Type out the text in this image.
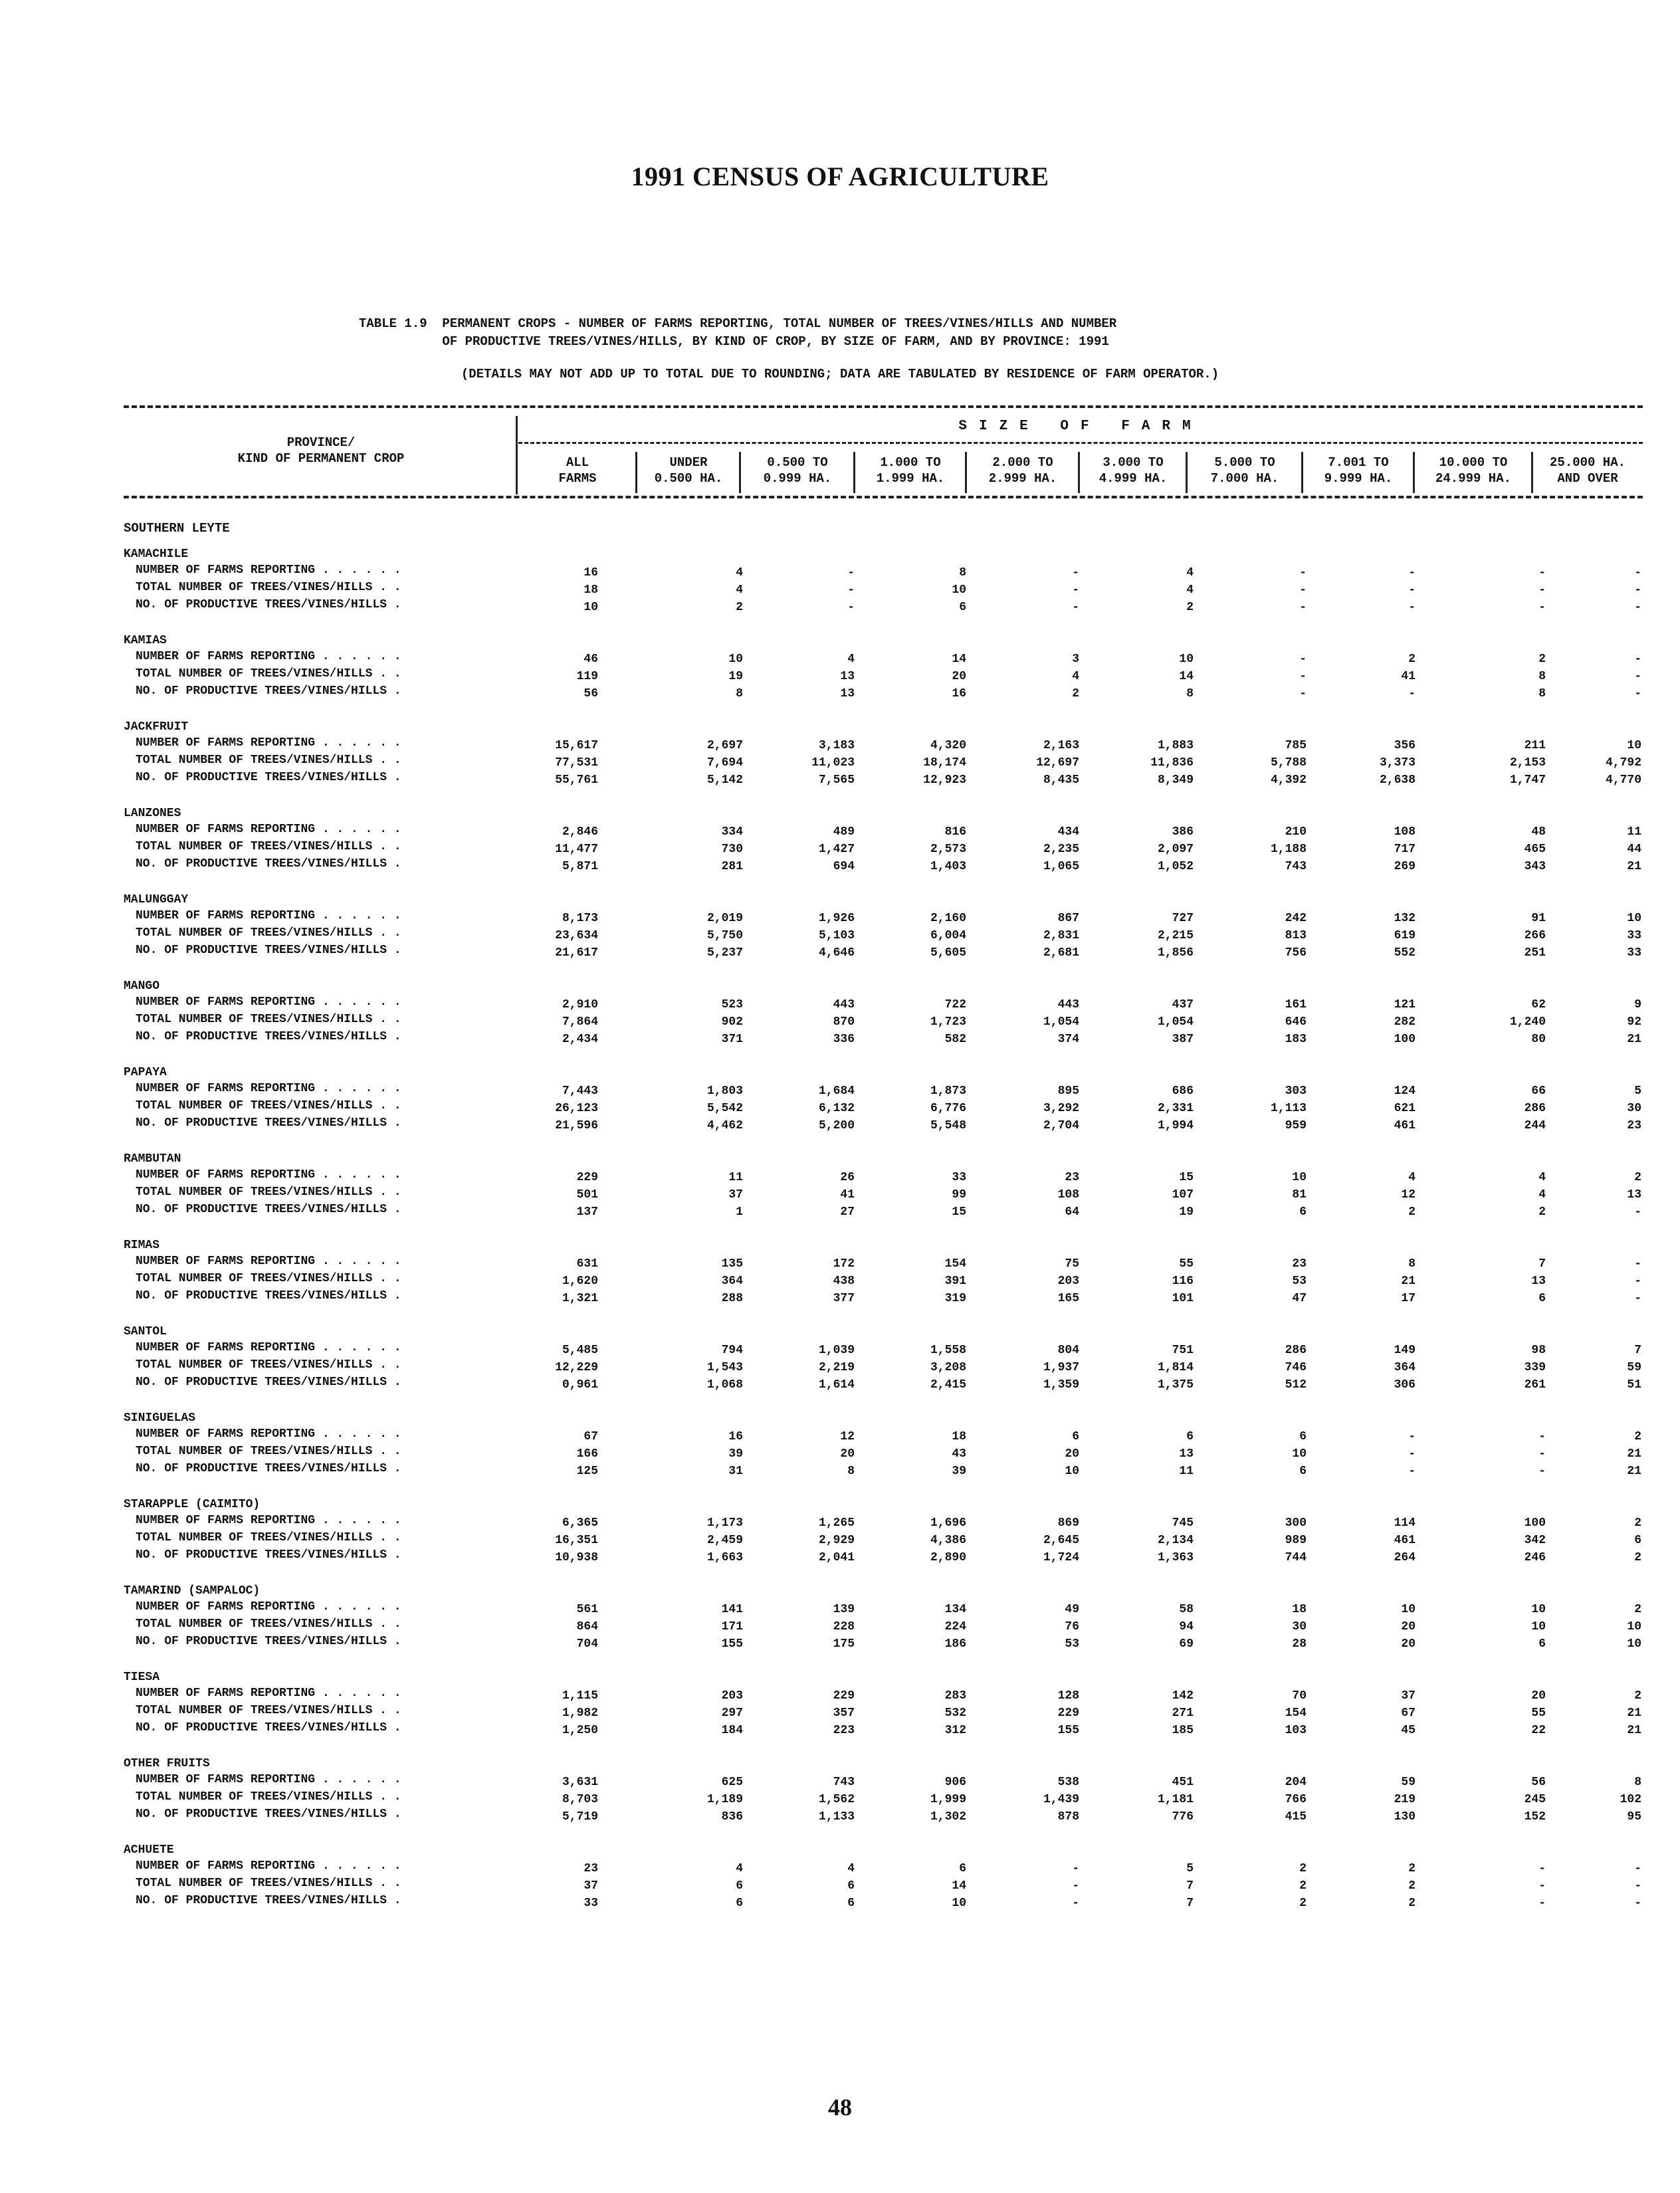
1991 CENSUS OF AGRICULTURE
TABLE 1.9  PERMANENT CROPS - NUMBER OF FARMS REPORTING, TOTAL NUMBER OF TREES/VINES/HILLS AND NUMBER
OF PRODUCTIVE TREES/VINES/HILLS, BY KIND OF CROP, BY SIZE OF FARM, AND BY PROVINCE: 1991
(DETAILS MAY NOT ADD UP TO TOTAL DUE TO ROUNDING; DATA ARE TABULATED BY RESIDENCE OF FARM OPERATOR.)
PROVINCE/
KIND OF PERMANENT CROP
SIZE OF FARM
ALL
FARMS
UNDER
0.500 HA.
0.500 TO
0.999 HA.
1.000 TO
1.999 HA.
2.000 TO
2.999 HA.
3.000 TO
4.999 HA.
5.000 TO
7.000 HA.
7.001 TO
9.999 HA.
10.000 TO
24.999 HA.
25.000 HA.
AND OVER
SOUTHERN LEYTE
KAMACHILE
NUMBER OF FARMS REPORTING . . . . . .	16	4	-	8	-	4	-	-	-	-
TOTAL NUMBER OF TREES/VINES/HILLS . .	18	4	-	10	-	4	-	-	-	-
NO. OF PRODUCTIVE TREES/VINES/HILLS .	10	2	-	6	-	2	-	-	-	-
KAMIAS
NUMBER OF FARMS REPORTING . . . . . .	46	10	4	14	3	10	-	2	2	-
TOTAL NUMBER OF TREES/VINES/HILLS . .	119	19	13	20	4	14	-	41	8	-
NO. OF PRODUCTIVE TREES/VINES/HILLS .	56	8	13	16	2	8	-	-	8	-
JACKFRUIT
NUMBER OF FARMS REPORTING . . . . . .	15,617	2,697	3,183	4,320	2,163	1,883	785	356	211	10
TOTAL NUMBER OF TREES/VINES/HILLS . .	77,531	7,694	11,023	18,174	12,697	11,836	5,788	3,373	2,153	4,792
NO. OF PRODUCTIVE TREES/VINES/HILLS .	55,761	5,142	7,565	12,923	8,435	8,349	4,392	2,638	1,747	4,770
LANZONES
NUMBER OF FARMS REPORTING . . . . . .	2,846	334	489	816	434	386	210	108	48	11
TOTAL NUMBER OF TREES/VINES/HILLS . .	11,477	730	1,427	2,573	2,235	2,097	1,188	717	465	44
NO. OF PRODUCTIVE TREES/VINES/HILLS .	5,871	281	694	1,403	1,065	1,052	743	269	343	21
MALUNGGAY
NUMBER OF FARMS REPORTING . . . . . .	8,173	2,019	1,926	2,160	867	727	242	132	91	10
TOTAL NUMBER OF TREES/VINES/HILLS . .	23,634	5,750	5,103	6,004	2,831	2,215	813	619	266	33
NO. OF PRODUCTIVE TREES/VINES/HILLS .	21,617	5,237	4,646	5,605	2,681	1,856	756	552	251	33
MANGO
NUMBER OF FARMS REPORTING . . . . . .	2,910	523	443	722	443	437	161	121	62	9
TOTAL NUMBER OF TREES/VINES/HILLS . .	7,864	902	870	1,723	1,054	1,054	646	282	1,240	92
NO. OF PRODUCTIVE TREES/VINES/HILLS .	2,434	371	336	582	374	387	183	100	80	21
PAPAYA
NUMBER OF FARMS REPORTING . . . . . .	7,443	1,803	1,684	1,873	895	686	303	124	66	5
TOTAL NUMBER OF TREES/VINES/HILLS . .	26,123	5,542	6,132	6,776	3,292	2,331	1,113	621	286	30
NO. OF PRODUCTIVE TREES/VINES/HILLS .	21,596	4,462	5,200	5,548	2,704	1,994	959	461	244	23
RAMBUTAN
NUMBER OF FARMS REPORTING . . . . . .	229	11	26	33	23	15	10	4	4	2
TOTAL NUMBER OF TREES/VINES/HILLS . .	501	37	41	99	108	107	81	12	4	13
NO. OF PRODUCTIVE TREES/VINES/HILLS .	137	1	27	15	64	19	6	2	2	-
RIMAS
NUMBER OF FARMS REPORTING . . . . . .	631	135	172	154	75	55	23	8	7	-
TOTAL NUMBER OF TREES/VINES/HILLS . .	1,620	364	438	391	203	116	53	21	13	-
NO. OF PRODUCTIVE TREES/VINES/HILLS .	1,321	288	377	319	165	101	47	17	6	-
SANTOL
NUMBER OF FARMS REPORTING . . . . . .	5,485	794	1,039	1,558	804	751	286	149	98	7
TOTAL NUMBER OF TREES/VINES/HILLS . .	12,229	1,543	2,219	3,208	1,937	1,814	746	364	339	59
NO. OF PRODUCTIVE TREES/VINES/HILLS .	0,961	1,068	1,614	2,415	1,359	1,375	512	306	261	51
SINIGUELAS
NUMBER OF FARMS REPORTING . . . . . .	67	16	12	18	6	6	6	-	-	2
TOTAL NUMBER OF TREES/VINES/HILLS . .	166	39	20	43	20	13	10	-	-	21
NO. OF PRODUCTIVE TREES/VINES/HILLS .	125	31	8	39	10	11	6	-	-	21
STARAPPLE (CAIMITO)
NUMBER OF FARMS REPORTING . . . . . .	6,365	1,173	1,265	1,696	869	745	300	114	100	2
TOTAL NUMBER OF TREES/VINES/HILLS . .	16,351	2,459	2,929	4,386	2,645	2,134	989	461	342	6
NO. OF PRODUCTIVE TREES/VINES/HILLS .	10,938	1,663	2,041	2,890	1,724	1,363	744	264	246	2
TAMARIND (SAMPALOC)
NUMBER OF FARMS REPORTING . . . . . .	561	141	139	134	49	58	18	10	10	2
TOTAL NUMBER OF TREES/VINES/HILLS . .	864	171	228	224	76	94	30	20	10	10
NO. OF PRODUCTIVE TREES/VINES/HILLS .	704	155	175	186	53	69	28	20	6	10
TIESA
NUMBER OF FARMS REPORTING . . . . . .	1,115	203	229	283	128	142	70	37	20	2
TOTAL NUMBER OF TREES/VINES/HILLS . .	1,982	297	357	532	229	271	154	67	55	21
NO. OF PRODUCTIVE TREES/VINES/HILLS .	1,250	184	223	312	155	185	103	45	22	21
OTHER FRUITS
NUMBER OF FARMS REPORTING . . . . . .	3,631	625	743	906	538	451	204	59	56	8
TOTAL NUMBER OF TREES/VINES/HILLS . .	8,703	1,189	1,562	1,999	1,439	1,181	766	219	245	102
NO. OF PRODUCTIVE TREES/VINES/HILLS .	5,719	836	1,133	1,302	878	776	415	130	152	95
ACHUETE
NUMBER OF FARMS REPORTING . . . . . .	23	4	4	6	-	5	2	2	-	-
TOTAL NUMBER OF TREES/VINES/HILLS . .	37	6	6	14	-	7	2	2	-	-
NO. OF PRODUCTIVE TREES/VINES/HILLS .	33	6	6	10	-	7	2	2	-	-
48
